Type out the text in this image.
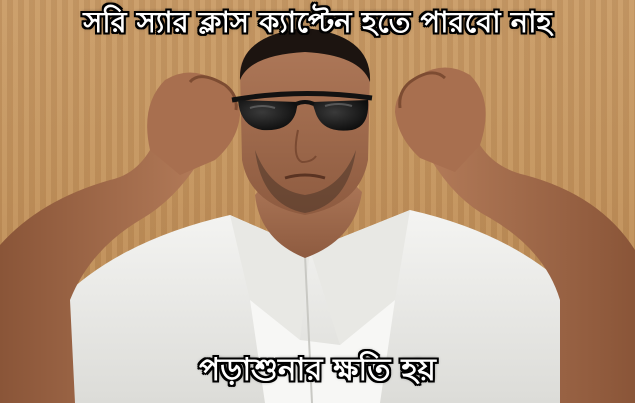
সরি স্যার ক্লাস ক্যাপ্টেন হতে পারবো নাহ
পড়াশুনার ক্ষতি হয়
